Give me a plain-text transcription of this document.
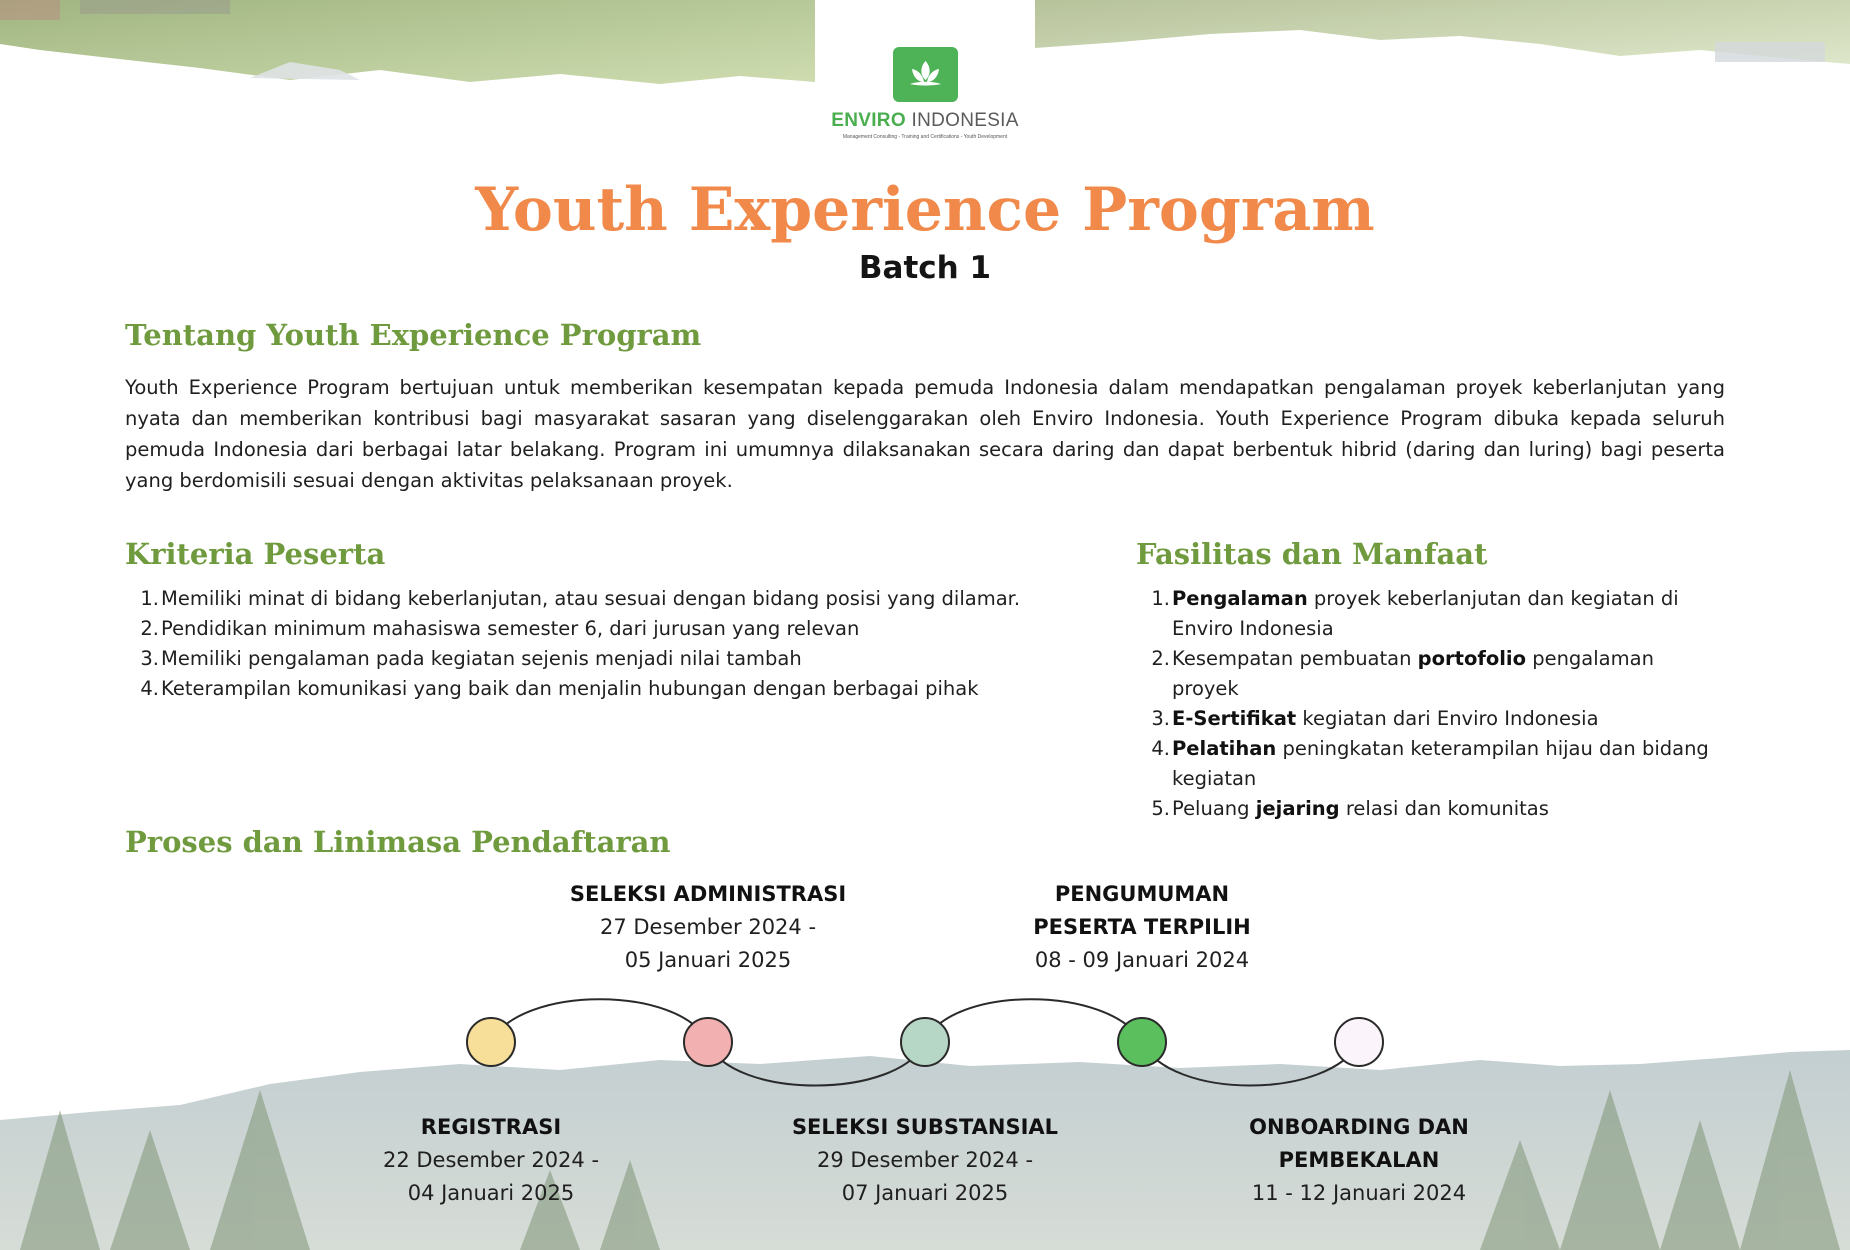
ENVIRO INDONESIA
Management Consulting - Training and Certifications - Youth Development
Youth Experience Program
Batch 1
Tentang Youth Experience Program

Youth Experience Program bertujuan untuk memberikan kesempatan kepada pemuda Indonesia dalam mendapatkan pengalaman proyek keberlanjutan yang nyata dan memberikan kontribusi bagi masyarakat sasaran yang diselenggarakan oleh Enviro Indonesia. Youth Experience Program dibuka kepada seluruh pemuda Indonesia dari berbagai latar belakang. Program ini umumnya dilaksanakan secara daring dan dapat berbentuk hibrid (daring dan luring) bagi peserta yang berdomisili sesuai dengan aktivitas pelaksanaan proyek.

Kriteria Peserta
1. Memiliki minat di bidang keberlanjutan, atau sesuai dengan bidang posisi yang dilamar.
2. Pendidikan minimum mahasiswa semester 6, dari jurusan yang relevan
3. Memiliki pengalaman pada kegiatan sejenis menjadi nilai tambah
4. Keterampilan komunikasi yang baik dan menjalin hubungan dengan berbagai pihak
Fasilitas dan Manfaat
1. Pengalaman proyek keberlanjutan dan kegiatan di Enviro Indonesia
2. Kesempatan pembuatan portofolio pengalaman proyek
3. E-Sertifikat kegiatan dari Enviro Indonesia
4. Pelatihan peningkatan keterampilan hijau dan bidang kegiatan
5. Peluang jejaring relasi dan komunitas
Proses dan Linimasa Pendaftaran
SELEKSI ADMINISTRASI
27 Desember 2024 -
05 Januari 2025
PENGUMUMAN
PESERTA TERPILIH
08 - 09 Januari 2024
REGISTRASI
22 Desember 2024 -
04 Januari 2025
SELEKSI SUBSTANSIAL
29 Desember 2024 -
07 Januari 2025
ONBOARDING DAN
PEMBEKALAN
11 - 12 Januari 2024
